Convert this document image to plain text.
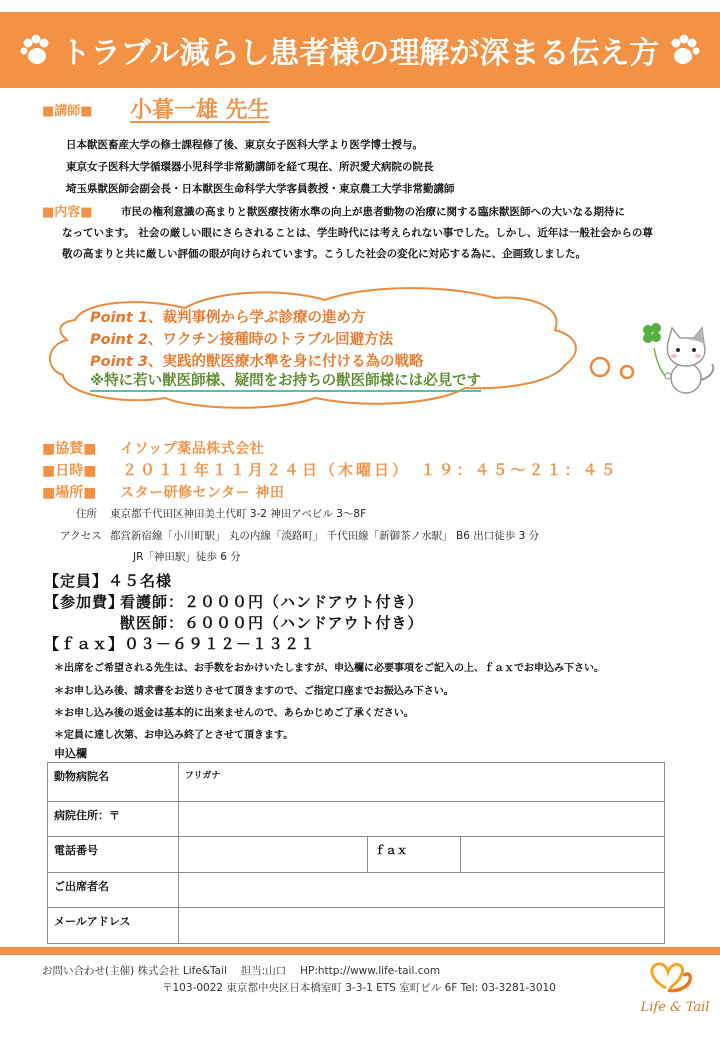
トラブル減らし患者様の理解が深まる伝え方
■講師■ 小暮一雄 先生
日本獣医畜産大学の修士課程修了後、東京女子医科大学より医学博士授与。
東京女子医科大学循環器小児科学非常勤講師を経て現在、所沢愛犬病院の院長
埼玉県獣医師会副会長・日本獣医生命科学大学客員教授・東京農工大学非常勤講師
■内容■	市民の権利意識の高まりと獣医療技術水準の向上が患者動物の治療に関する臨床獣医師への大いなる期待に
なっています。 社会の厳しい眼にさらされることは、学生時代には考えられない事でした。しかし、近年は一般社会からの尊
敬の高まりと共に厳しい評価の眼が向けられています。こうした社会の変化に対応する為に、企画致しました。
Point 1、裁判事例から学ぶ診療の進め方
Point 2、ワクチン接種時のトラブル回避方法
Point 3、実践的獣医療水準を身に付ける為の戦略
※特に若い獣医師様、疑問をお持ちの獣医師様には必見です
■協賛■ イソップ薬品株式会社
■日時■ ２０１１年１１月２４日（木曜日）　１９：４５～２１：４５
■場所■ スター研修センター 神田
住所 東京都千代田区神田美土代町 3-2 神田アベビル 3～8F
アクセス 都営新宿線「小川町駅」 丸の内線「淡路町」 千代田線「新御茶ノ水駅」 B6 出口徒歩 3 分
JR「神田駅」徒歩 6 分
【定員】４５名様
【参加費】
看護師：２０００円（ハンドアウト付き）
獣医師：６０００円（ハンドアウト付き）
【ｆａｘ】０３－６９１２－１３２１
＊出席をご希望される先生は、お手数をおかけいたしますが、申込欄に必要事項をご記入の上、ｆａｘでお申込み下さい。
＊お申し込み後、請求書をお送りさせて頂きますので、ご指定口座までお振込み下さい。
＊お申し込み後の返金は基本的に出来ませんので、あらかじめご了承ください。
＊定員に達し次第、お申込み終了とさせて頂きます。
申込欄
動物病院名	フリガナ		
病院住所：〒			
電話番号		ｆａｘ	
ご出席者名			
メールアドレス			
お問い合わせ(主催) 株式会社 Life&Tail　 担当:山口　 HP:http://www.life-tail.com
〒103-0022 東京都中央区日本橋室町 3-3-1 ETS 室町ビル 6F Tel: 03-3281-3010
Life & Tail
